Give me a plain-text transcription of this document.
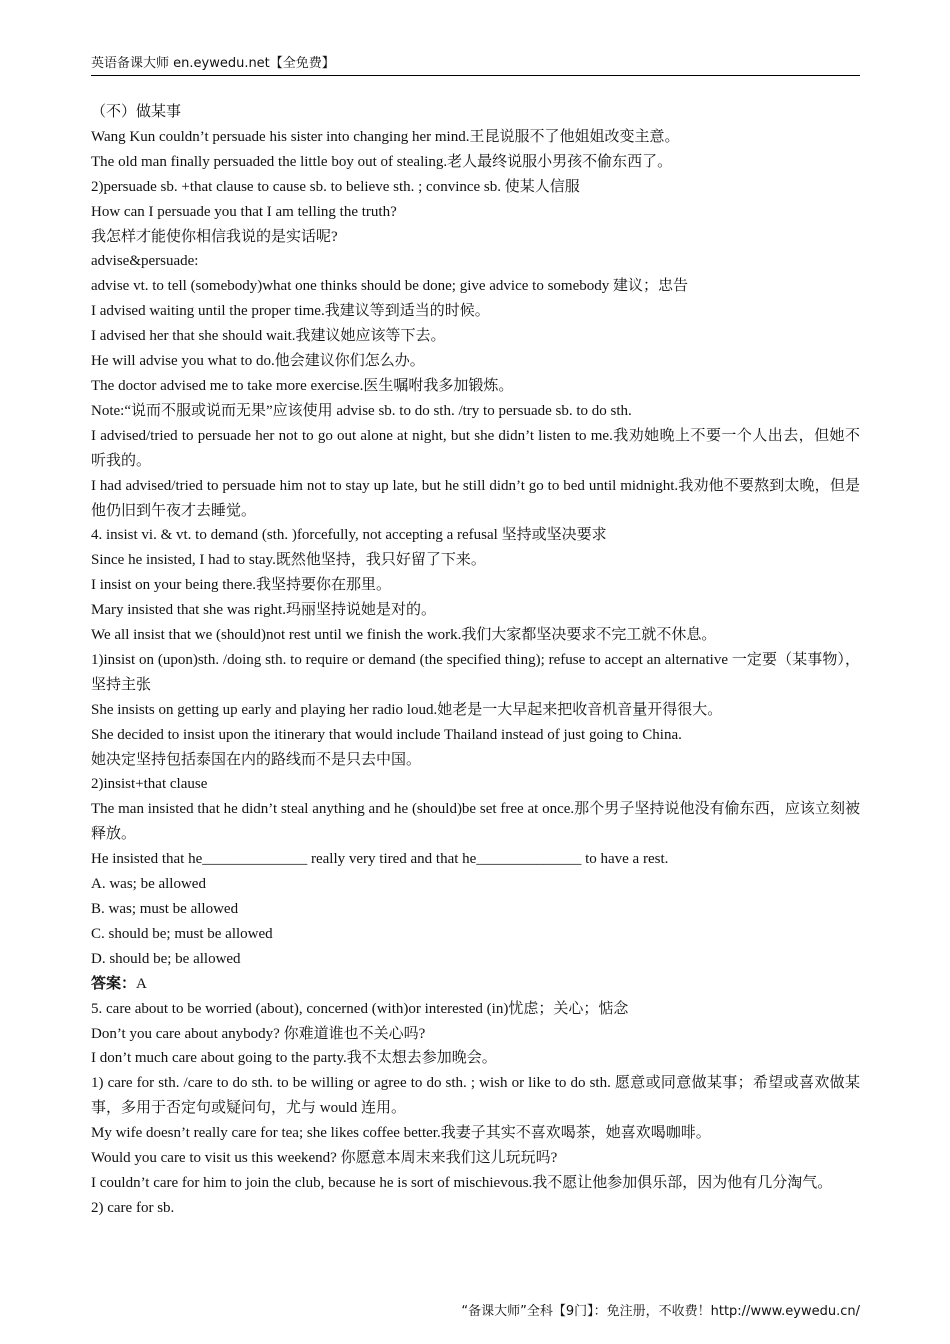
英语备课大师 en.eywedu.net【全免费】

（不）做某事

Wang Kun couldn’t persuade his sister into changing her mind.王昆说服不了他姐姐改变主意。

The old man finally persuaded the little boy out of stealing.老人最终说服小男孩不偷东西了。

2)persuade sb. +that clause to cause sb. to believe sth. ; convince sb. 使某人信服

How can I persuade you that I am telling the truth?

我怎样才能使你相信我说的是实话呢?

advise&persuade:

advise vt. to tell (somebody)what one thinks should be done; give advice to somebody 建议；忠告

I advised waiting until the proper time.我建议等到适当的时候。

I advised her that she should wait.我建议她应该等下去。

He will advise you what to do.他会建议你们怎么办。

The doctor advised me to take more exercise.医生嘱咐我多加锻炼。

Note:“说而不服或说而无果”应该使用 advise sb. to do sth. /try to persuade sb. to do sth.

I advised/tried to persuade her not to go out alone at night, but she didn’t listen to me.我劝她晚上不要一个人出去，但她不听我的。

I had advised/tried to persuade him not to stay up late, but he still didn’t go to bed until midnight.我劝他不要熬到太晚，但是他仍旧到午夜才去睡觉。

4. insist vi. & vt. to demand (sth. )forcefully, not accepting a refusal 坚持或坚决要求

Since he insisted, I had to stay.既然他坚持，我只好留了下来。

I insist on your being there.我坚持要你在那里。

Mary insisted that she was right.玛丽坚持说她是对的。

We all insist that we (should)not rest until we finish the work.我们大家都坚决要求不完工就不休息。

1)insist on (upon)sth. /doing sth. to require or demand (the specified thing); refuse to accept an alternative 一定要（某事物），坚持主张

She insists on getting up early and playing her radio loud.她老是一大早起来把收音机音量开得很大。

She decided to insist upon the itinerary that would include Thailand instead of just going to China.

她决定坚持包括泰国在内的路线而不是只去中国。

2)insist+that clause

The man insisted that he didn’t steal anything and he (should)be set free at once.那个男子坚持说他没有偷东西，应该立刻被释放。

He insisted that he______________ really very tired and that he______________ to have a rest.

A. was; be allowed

B. was; must be allowed

C. should be; must be allowed

D. should be; be allowed

答案：A

5. care about to be worried (about), concerned (with)or interested (in)忧虑；关心；惦念

Don’t you care about anybody? 你难道谁也不关心吗?

I don’t much care about going to the party.我不太想去参加晚会。

1) care for sth. /care to do sth. to be willing or agree to do sth. ; wish or like to do sth. 愿意或同意做某事；希望或喜欢做某事，多用于否定句或疑问句，尤与 would 连用。

My wife doesn’t really care for tea; she likes coffee better.我妻子其实不喜欢喝茶，她喜欢喝咖啡。

Would you care to visit us this weekend? 你愿意本周末来我们这儿玩玩吗?

I couldn’t care for him to join the club, because he is sort of mischievous.我不愿让他参加俱乐部，因为他有几分淘气。

2) care for sb.

“备课大师”全科【9门】：免注册，不收费！http://www.eywedu.cn/
